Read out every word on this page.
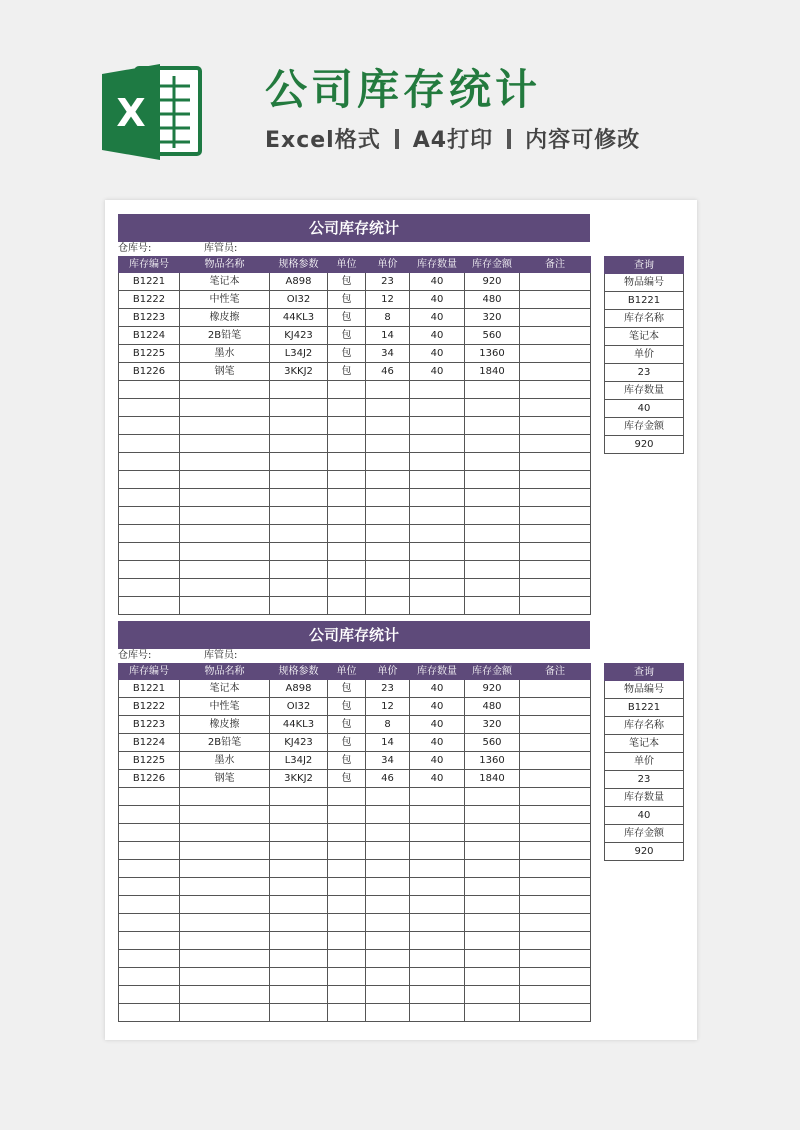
X	公司库存统计
Excel格式 A4打印 内容可修改
公司库存统计
仓库号:	库管员:
库存编号	物品名称	规格参数	单位	单价	库存数量	库存金额	备注
B1221	笔记本	A898	包	23	40	920	
B1222	中性笔	OI32	包	12	40	480	
B1223	橡皮擦	44KL3	包	8	40	320	
B1224	2B铅笔	KJ423	包	14	40	560	
B1225	墨水	L34J2	包	34	40	1360	
B1226	钢笔	3KKJ2	包	46	40	1840	

查询
物品编号
B1221
库存名称
笔记本
单价
23
库存数量
40
库存金额
920
公司库存统计
仓库号:	库管员:
库存编号	物品名称	规格参数	单位	单价	库存数量	库存金额	备注
B1221	笔记本	A898	包	23	40	920	
B1222	中性笔	OI32	包	12	40	480	
B1223	橡皮擦	44KL3	包	8	40	320	
B1224	2B铅笔	KJ423	包	14	40	560	
B1225	墨水	L34J2	包	34	40	1360	
B1226	钢笔	3KKJ2	包	46	40	1840	

查询
物品编号
B1221
库存名称
笔记本
单价
23
库存数量
40
库存金额
920
